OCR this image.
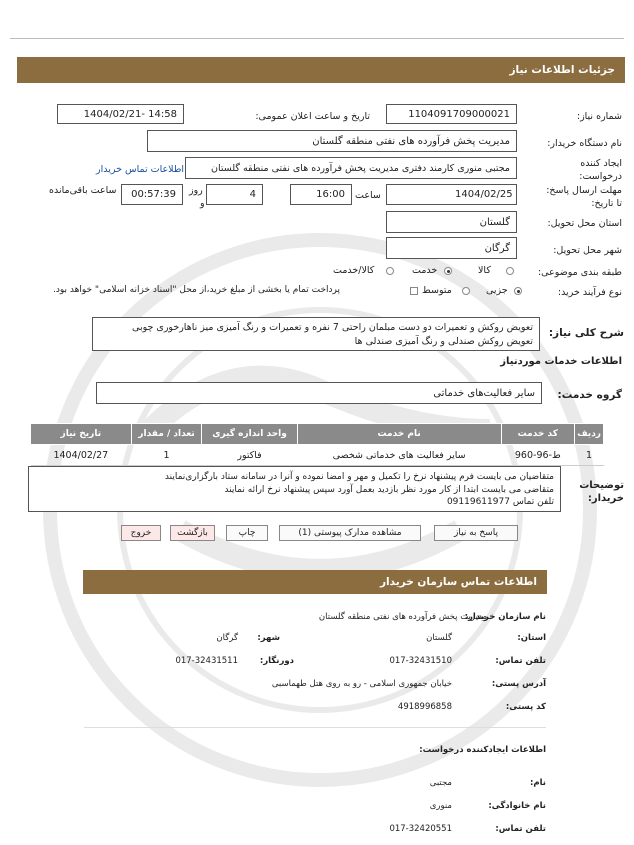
جزئیات اطلاعات نیاز
شماره نیاز:
1104091709000021
تاریخ و ساعت اعلان عمومی:
1404/02/21- 14:58
نام دستگاه خریدار:
مدیریت پخش فرآورده های نفتی منطقه گلستان
ایجاد کننده درخواست:
مجتبی منوری کارمند دفتری مدیریت پخش فرآورده های نفتی منطقه گلستان
اطلاعات تماس خریدار
مهلت ارسال پاسخ: تا تاریخ:
1404/02/25
ساعت
16:00
روز	4
و
00:57:39
ساعت باقی‌مانده
استان محل تحویل:
گلستان
شهر محل تحویل:
گرگان
طبقه بندی موضوعی:
کالا
خدمت
کالا/خدمت
نوع فرآیند خرید:
جزیی
متوسط
پرداخت تمام یا بخشی از مبلغ خرید،از محل "اسناد خزانه اسلامی" خواهد بود.
شرح کلی نیاز:
تعویض روکش و تعمیرات دو دست مبلمان راحتی 7 نفره و تعمیرات و رنگ آمیزی میز ناهارخوری چوبی
تعویض روکش صندلی و رنگ آمیزی صندلی ها
اطلاعات خدمات موردنیاز
گروه خدمت:
سایر فعالیت‌های خدماتی
ردیف	کد خدمت	نام خدمت	واحد اندازه گیری	تعداد / مقدار	تاریخ نیاز
1	ط-96-960	سایر فعالیت های خدماتی شخصی	فاکتور	1	1404/02/27
توضیحات خریدار:
متقاضیان می بایست فرم پیشنهاد نرخ را تکمیل و مهر و امضا نموده و آنرا در سامانه ستاد بارگزاری‌نمایند
متقاضی می بایست ابتدا از کار مورد نظر بازدید بعمل آورد سپس پیشنهاد نرخ ارائه نمایند
تلفن تماس 09119611977
پاسخ به نیاز
مشاهده مدارک پیوستی (1)
چاپ
بازگشت
خروج
اطلاعات تماس سازمان خریدار
نام سازمان خریدار:
مدیریت پخش فرآورده های نفتی منطقه گلستان
استان:
گلستان
شهر:
گرگان
تلفن تماس:
017-32431510
دورنگار:
017-32431511
آدرس پستی:
خیابان جمهوری اسلامی - رو به روی هتل طهماسبی
کد پستی:
4918996858
اطلاعات ایجادکننده درخواست:
نام:
مجتبی
نام خانوادگی:
منوری
تلفن تماس:
017-32420551
